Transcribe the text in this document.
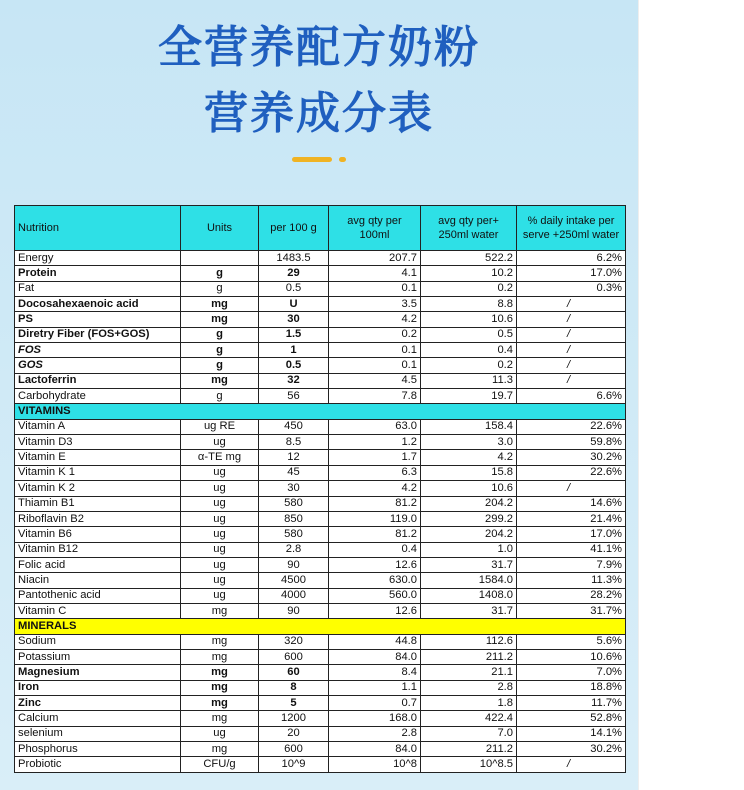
全营养配方奶粉
营养成分表
Nutrition	Units	per 100 g	avg qty per 100ml	avg qty per+ 250ml water	% daily intake per serve +250ml water
Energy		1483.5	207.7	522.2	6.2%
Protein	g	29	4.1	10.2	17.0%
Fat	g	0.5	0.1	0.2	0.3%
Docosahexaenoic acid	mg	U	3.5	8.8	/
PS	mg	30	4.2	10.6	/
Diretry Fiber (FOS+GOS)	g	1.5	0.2	0.5	/
FOS	g	1	0.1	0.4	/
GOS	g	0.5	0.1	0.2	/
Lactoferrin	mg	32	4.5	11.3	/
Carbohydrate	g	56	7.8	19.7	6.6%
VITAMINS					
Vitamin A	ug RE	450	63.0	158.4	22.6%
Vitamin D3	ug	8.5	1.2	3.0	59.8%
Vitamin E	α-TE mg	12	1.7	4.2	30.2%
Vitamin K 1	ug	45	6.3	15.8	22.6%
Vitamin K 2	ug	30	4.2	10.6	/
Thiamin B1	ug	580	81.2	204.2	14.6%
Riboflavin B2	ug	850	119.0	299.2	21.4%
Vitamin B6	ug	580	81.2	204.2	17.0%
Vitamin B12	ug	2.8	0.4	1.0	41.1%
Folic acid	ug	90	12.6	31.7	7.9%
Niacin	ug	4500	630.0	1584.0	11.3%
Pantothenic acid	ug	4000	560.0	1408.0	28.2%
Vitamin C	mg	90	12.6	31.7	31.7%
MINERALS					
Sodium	mg	320	44.8	112.6	5.6%
Potassium	mg	600	84.0	211.2	10.6%
Magnesium	mg	60	8.4	21.1	7.0%
Iron	mg	8	1.1	2.8	18.8%
Zinc	mg	5	0.7	1.8	11.7%
Calcium	mg	1200	168.0	422.4	52.8%
selenium	ug	20	2.8	7.0	14.1%
Phosphorus	mg	600	84.0	211.2	30.2%
Probiotic	CFU/g	10^9	10^8	10^8.5	/
